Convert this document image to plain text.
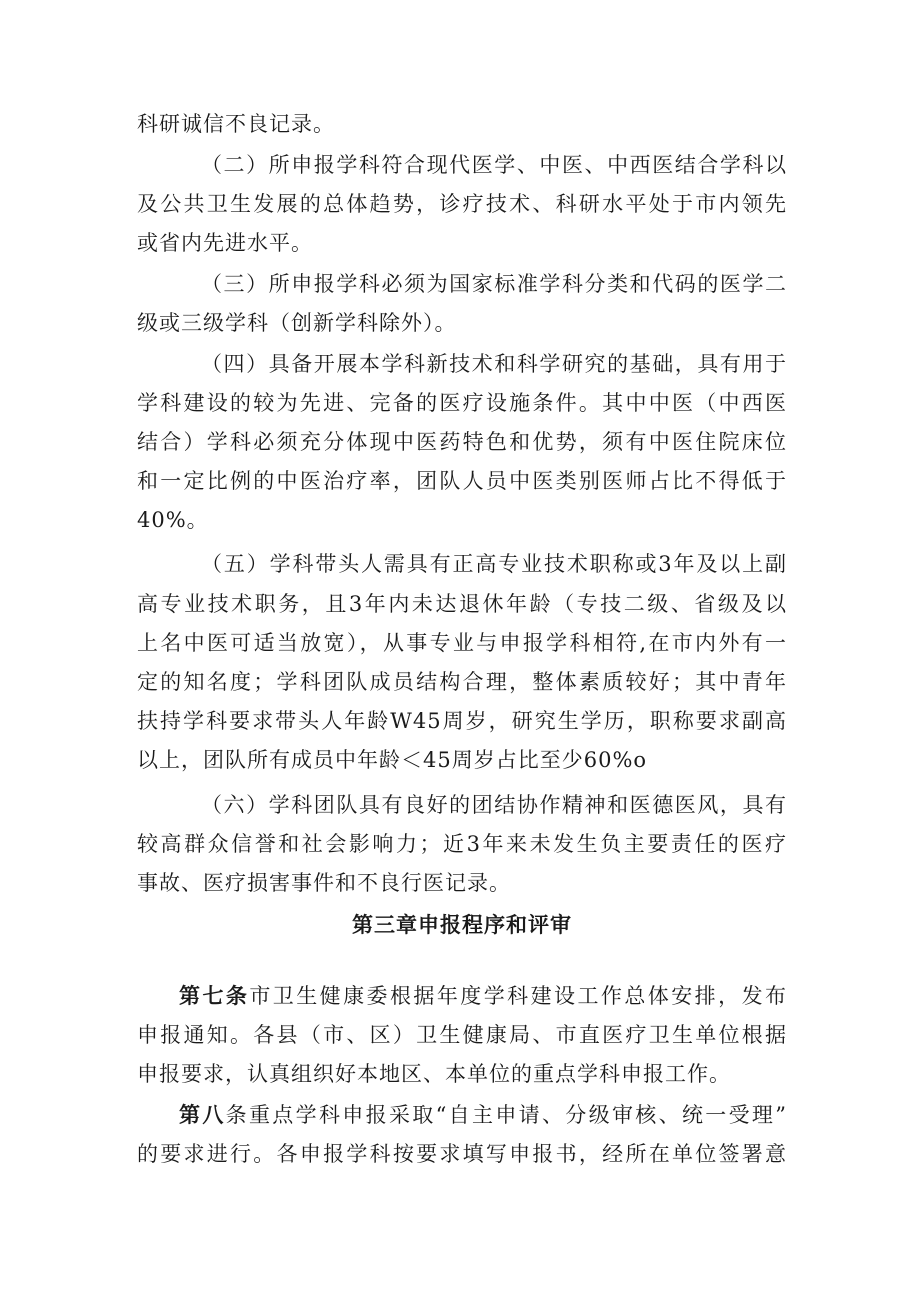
科研诚信不良记录。
（二）所申报学科符合现代医学、中医、中西医结合学科以
及公共卫生发展的总体趋势，诊疗技术、科研水平处于市内领先
或省内先进水平。
（三）所申报学科必须为国家标准学科分类和代码的医学二
级或三级学科（创新学科除外）。
（四）具备开展本学科新技术和科学研究的基础，具有用于
学科建设的较为先进、完备的医疗设施条件。其中中医（中西医
结合）学科必须充分体现中医药特色和优势，须有中医住院床位
和一定比例的中医治疗率，团队人员中医类别医师占比不得低于
40%。
（五）学科带头人需具有正高专业技术职称或3年及以上副
高专业技术职务，且3年内未达退休年龄（专技二级、省级及以
上名中医可适当放宽），从事专业与申报学科相符,在市内外有一
定的知名度；学科团队成员结构合理，整体素质较好；其中青年
扶持学科要求带头人年龄W45周岁，研究生学历，职称要求副高
以上，团队所有成员中年龄＜45周岁占比至少60%o
（六）学科团队具有良好的团结协作精神和医德医风，具有
较高群众信誉和社会影响力；近3年来未发生负主要责任的医疗
事故、医疗损害事件和不良行医记录。
第三章申报程序和评审
第七条市卫生健康委根据年度学科建设工作总体安排，发布
申报通知。各县（市、区）卫生健康局、市直医疗卫生单位根据
申报要求，认真组织好本地区、本单位的重点学科申报工作。
第八条重点学科申报采取“自主申请、分级审核、统一受理”
的要求进行。各申报学科按要求填写申报书，经所在单位签署意
